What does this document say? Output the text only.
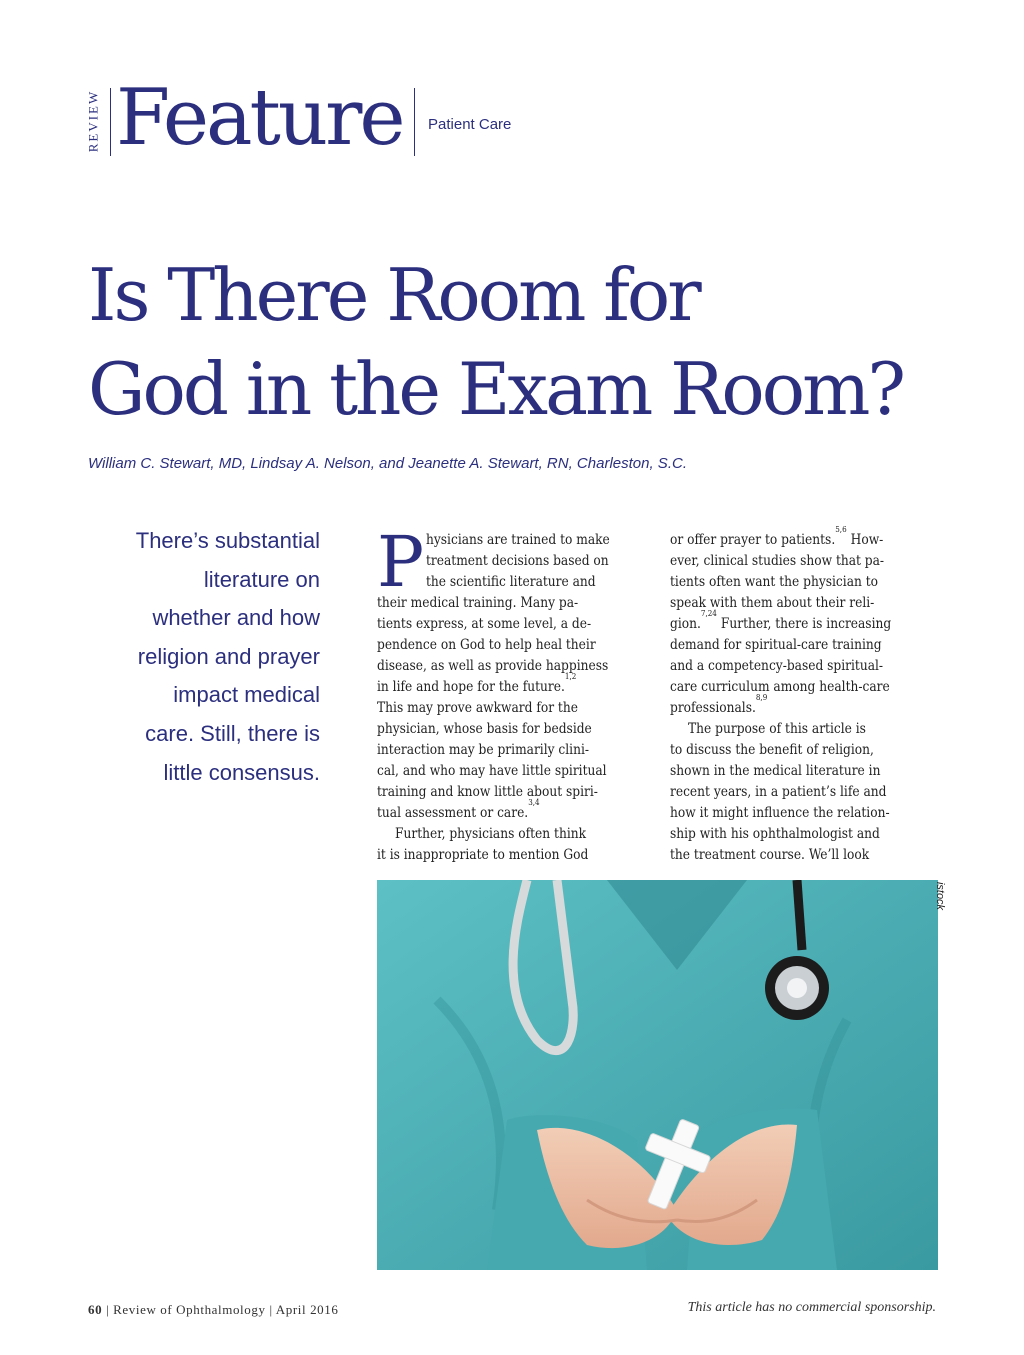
REVIEW Feature Patient Care
Is There Room for
God in the Exam Room?
William C. Stewart, MD, Lindsay A. Nelson, and Jeanette A. Stewart, RN, Charleston, S.C.
There’s substantial
literature on
whether and how
religion and prayer
impact medical
care. Still, there is
little consensus.
P hysicians are trained to make
treatment decisions based on
the scientific literature and
their medical training. Many pa-
tients express, at some level, a de-
pendence on God to help heal their
disease, as well as provide happiness
in life and hope for the future.
1,2
This may prove awkward for the
physician, whose basis for bedside
interaction may be primarily clini-
cal, and who may have little spiritual
training and know little about spiri-
tual assessment or care.
3,4
Further, physicians often think
it is inappropriate to mention God
or offer prayer to patients.
5,6
How-
ever, clinical studies show that pa-
tients often want the physician to
speak with them about their reli-
gion.
7,24
Further, there is increasing
demand for spiritual-care training
and a competency-based spiritual-
care curriculum among health-care
professionals.
8,9
The purpose of this article is
to discuss the benefit of religion,
shown in the medical literature in
recent years, in a patient’s life and
how it might influence the relation-
ship with his ophthalmologist and
the treatment course. We’ll look
istock
60 | Review of Ophthalmology | April 2016	This article has no commercial sponsorship.
